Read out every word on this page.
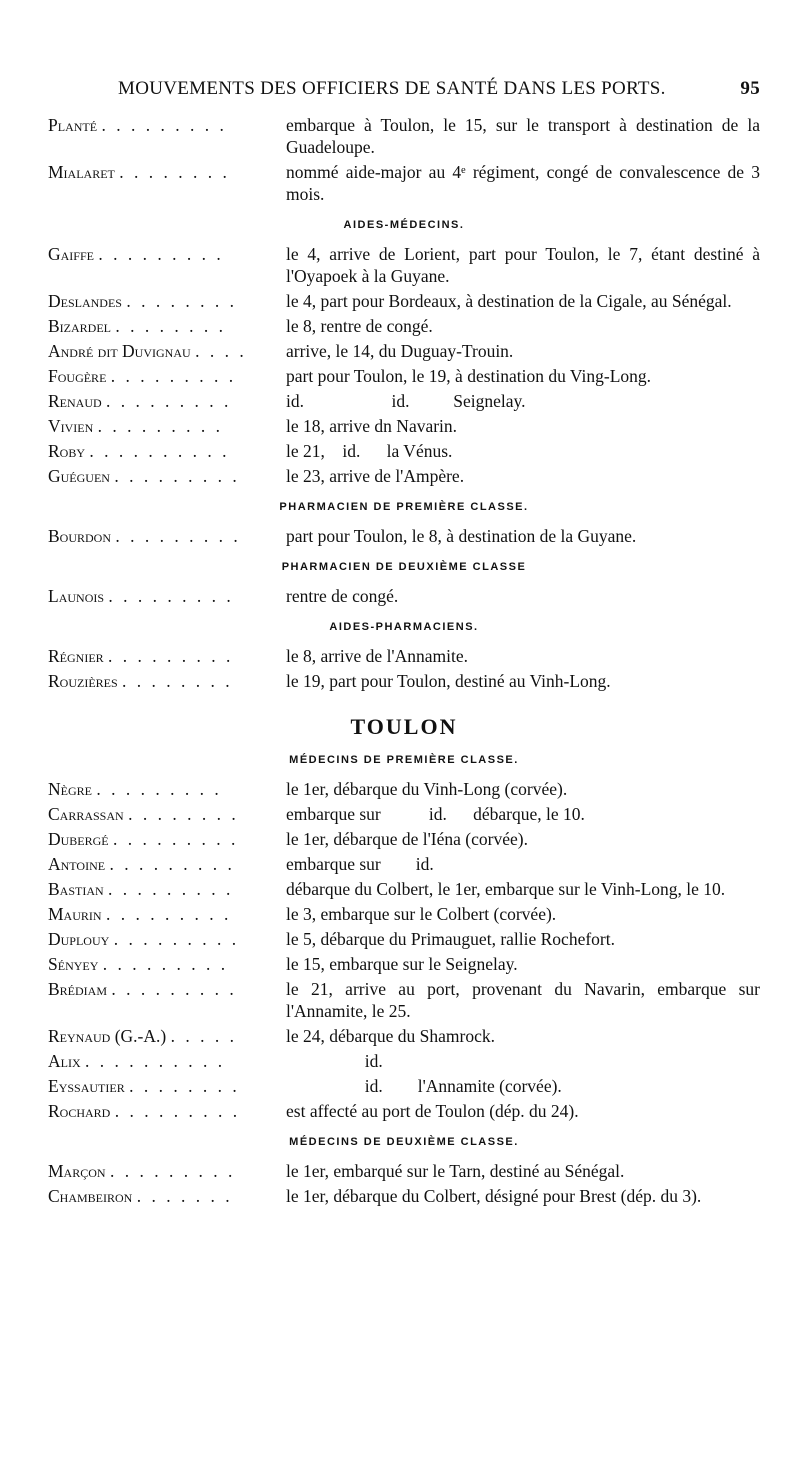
MOUVEMENTS DES OFFICIERS DE SANTÉ DANS LES PORTS.	95
Planté . . . . . . . . .	embarque à Toulon, le 15, sur le transport à destination de la Guadeloupe.
Mialaret . . . . . . . .	nommé aide-major au 4ᵉ régiment, congé de convalescence de 3 mois.
AIDES-MÉDECINS.
Gaiffe . . . . . . . . .	le 4, arrive de Lorient, part pour Toulon, le 7, étant destiné à l'Oyapoek à la Guyane.
Deslandes . . . . . . . .	le 4, part pour Bordeaux, à destination de la Cigale, au Sénégal.
Bizardel . . . . . . . .	le 8, rentre de congé.
André dit Duvignau . . . .	arrive, le 14, du Duguay-Trouin.
Fougère . . . . . . . . .	part pour Toulon, le 19, à destination du Ving-Long.
Renaud . . . . . . . . .	id.                    id.          Seignelay.
Vivien . . . . . . . . .	le 18, arrive dn Navarin.
Roby . . . . . . . . . .	le 21,    id.      la Vénus.
Guéguen . . . . . . . . .	le 23, arrive de l'Ampère.
PHARMACIEN DE PREMIÈRE CLASSE.
Bourdon . . . . . . . . .	part pour Toulon, le 8, à destination de la Guyane.
PHARMACIEN DE DEUXIÈME CLASSE
Launois . . . . . . . . .	rentre de congé.
AIDES-PHARMACIENS.
Régnier . . . . . . . . .	le 8, arrive de l'Annamite.
Rouzières . . . . . . . .	le 19, part pour Toulon, destiné au Vinh-Long.
TOULON
MÉDECINS DE PREMIÈRE CLASSE.
Nègre . . . . . . . . .	le 1er, débarque du Vinh-Long (corvée).
Carrassan . . . . . . . .	embarque sur           id.      débarque, le 10.
Dubergé . . . . . . . . .	le 1er, débarque de l'Iéna (corvée).
Antoine . . . . . . . . .	embarque sur        id.
Bastian . . . . . . . . .	débarque du Colbert, le 1er, embarque sur le Vinh-Long, le 10.
Maurin . . . . . . . . .	le 3, embarque sur le Colbert (corvée).
Duplouy . . . . . . . . .	le 5, débarque du Primauguet, rallie Rochefort.
Sényey . . . . . . . . .	le 15, embarque sur le Seignelay.
Brédiam . . . . . . . . .	le 21, arrive au port, provenant du Navarin, embarque sur l'Annamite, le 25.
Reynaud (G.-A.) . . . . .	le 24, débarque du Shamrock.
Alix . . . . . . . . . .	id.
Eyssautier . . . . . . . .	id.        l'Annamite (corvée).
Rochard . . . . . . . . .	est affecté au port de Toulon (dép. du 24).
MÉDECINS DE DEUXIÈME CLASSE.
Marçon . . . . . . . . .	le 1er, embarqué sur le Tarn, destiné au Sénégal.
Chambeiron . . . . . . .	le 1er, débarque du Colbert, désigné pour Brest (dép. du 3).
